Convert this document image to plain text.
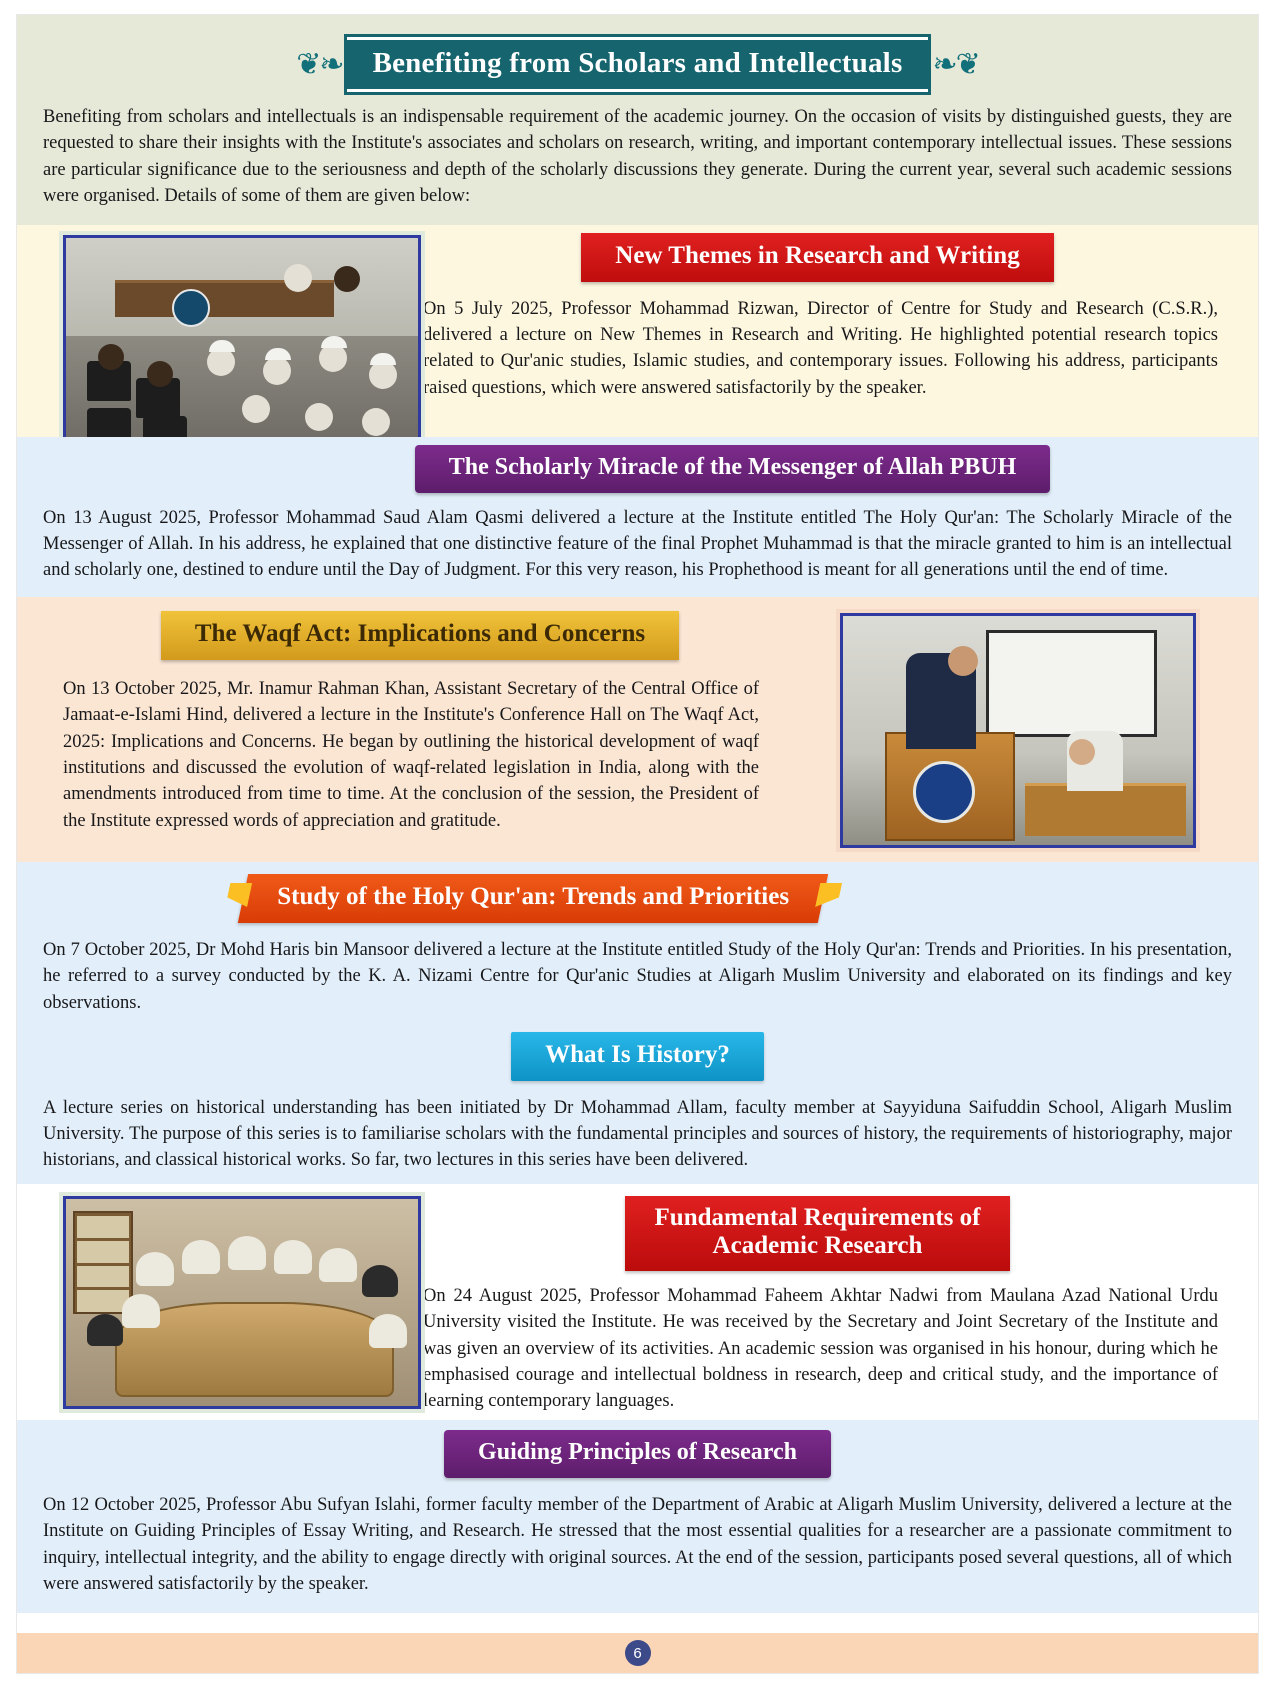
❦❧	Benefiting from Scholars and Intellectuals	❧❦

Benefiting from scholars and intellectuals is an indispensable requirement of the academic journey. On the occasion of visits by distinguished guests, they are requested to share their insights with the Institute's associates and scholars on research, writing, and important contemporary intellectual issues. These sessions are particular significance due to the seriousness and depth of the scholarly discussions they generate. During the current year, several such academic sessions were organised. Details of some of them are given below:

New Themes in Research and Writing

On 5 July 2025, Professor Mohammad Rizwan, Director of Centre for Study and Research (C.S.R.), delivered a lecture on New Themes in Research and Writing. He highlighted potential research topics related to Qur'anic studies, Islamic studies, and contemporary issues. Following his address, participants raised questions, which were answered satisfactorily by the speaker.

The Scholarly Miracle of the Messenger of Allah PBUH

On 13 August 2025, Professor Mohammad Saud Alam Qasmi delivered a lecture at the Institute entitled The Holy Qur'an: The Scholarly Miracle of the Messenger of Allah. In his address, he explained that one distinctive feature of the final Prophet Muhammad is that the miracle granted to him is an intellectual and scholarly one, destined to endure until the Day of Judgment. For this very reason, his Prophethood is meant for all generations until the end of time.

The Waqf Act: Implications and Concerns

On 13 October 2025, Mr. Inamur Rahman Khan, Assistant Secretary of the Central Office of Jamaat-e-Islami Hind, delivered a lecture in the Institute's Conference Hall on The Waqf Act, 2025: Implications and Concerns. He began by outlining the historical development of waqf institutions and discussed the evolution of waqf-related legislation in India, along with the amendments introduced from time to time. At the conclusion of the session, the President of the Institute expressed words of appreciation and gratitude.

Study of the Holy Qur'an: Trends and Priorities

On 7 October 2025, Dr Mohd Haris bin Mansoor delivered a lecture at the Institute entitled Study of the Holy Qur'an: Trends and Priorities. In his presentation, he referred to a survey conducted by the K. A. Nizami Centre for Qur'anic Studies at Aligarh Muslim University and elaborated on its findings and key observations.

What Is History?

A lecture series on historical understanding has been initiated by Dr Mohammad Allam, faculty member at Sayyiduna Saifuddin School, Aligarh Muslim University. The purpose of this series is to familiarise scholars with the fundamental principles and sources of history, the requirements of historiography, major historians, and classical historical works. So far, two lectures in this series have been delivered.

Fundamental Requirements of
Academic Research

On 24 August 2025, Professor Mohammad Faheem Akhtar Nadwi from Maulana Azad National Urdu University visited the Institute. He was received by the Secretary and Joint Secretary of the Institute and was given an overview of its activities. An academic session was organised in his honour, during which he emphasised courage and intellectual boldness in research, deep and critical study, and the importance of learning contemporary languages.

Guiding Principles of Research

On 12 October 2025, Professor Abu Sufyan Islahi, former faculty member of the Department of Arabic at Aligarh Muslim University, delivered a lecture at the Institute on Guiding Principles of Essay Writing, and Research. He stressed that the most essential qualities for a researcher are a passionate commitment to inquiry, intellectual integrity, and the ability to engage directly with original sources. At the end of the session, participants posed several questions, all of which were answered satisfactorily by the speaker.

6
